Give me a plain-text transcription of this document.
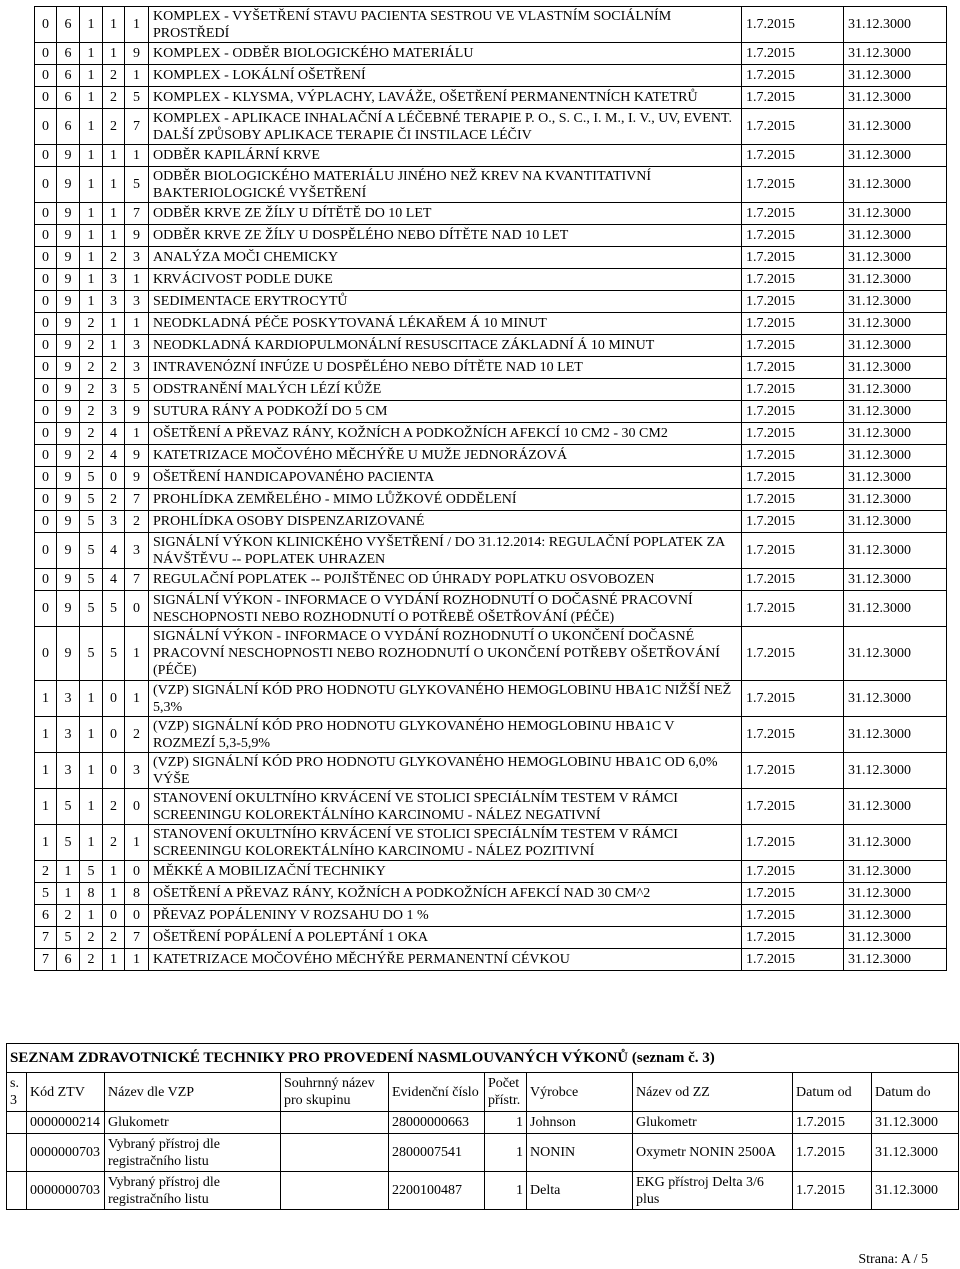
0	6	1	1	1	KOMPLEX - VYŠETŘENÍ STAVU PACIENTA SESTROU VE VLASTNÍM SOCIÁLNÍM PROSTŘEDÍ	1.7.2015	31.12.3000
0	6	1	1	9	KOMPLEX - ODBĚR BIOLOGICKÉHO MATERIÁLU	1.7.2015	31.12.3000
0	6	1	2	1	KOMPLEX - LOKÁLNÍ OŠETŘENÍ	1.7.2015	31.12.3000
0	6	1	2	5	KOMPLEX - KLYSMA, VÝPLACHY, LAVÁŽE, OŠETŘENÍ PERMANENTNÍCH KATETRŮ	1.7.2015	31.12.3000
0	6	1	2	7	KOMPLEX - APLIKACE INHALAČNÍ A LÉČEBNÉ TERAPIE P. O., S. C., I. M., I. V., UV, EVENT. DALŠÍ ZPŮSOBY APLIKACE TERAPIE ČI INSTILACE LÉČIV	1.7.2015	31.12.3000
0	9	1	1	1	ODBĚR KAPILÁRNÍ KRVE	1.7.2015	31.12.3000
0	9	1	1	5	ODBĚR BIOLOGICKÉHO MATERIÁLU JINÉHO NEŽ KREV NA KVANTITATIVNÍ BAKTERIOLOGICKÉ VYŠETŘENÍ	1.7.2015	31.12.3000
0	9	1	1	7	ODBĚR KRVE ZE ŽÍLY U DÍTĚTĚ DO 10 LET	1.7.2015	31.12.3000
0	9	1	1	9	ODBĚR KRVE ZE ŽÍLY U DOSPĚLÉHO NEBO DÍTĚTE NAD 10 LET	1.7.2015	31.12.3000
0	9	1	2	3	ANALÝZA MOČI CHEMICKY	1.7.2015	31.12.3000
0	9	1	3	1	KRVÁCIVOST PODLE DUKE	1.7.2015	31.12.3000
0	9	1	3	3	SEDIMENTACE ERYTROCYTŮ	1.7.2015	31.12.3000
0	9	2	1	1	NEODKLADNÁ PÉČE POSKYTOVANÁ LÉKAŘEM Á 10 MINUT	1.7.2015	31.12.3000
0	9	2	1	3	NEODKLADNÁ KARDIOPULMONÁLNÍ RESUSCITACE ZÁKLADNÍ Á 10 MINUT	1.7.2015	31.12.3000
0	9	2	2	3	INTRAVENÓZNÍ INFÚZE U DOSPĚLÉHO NEBO DÍTĚTE NAD 10 LET	1.7.2015	31.12.3000
0	9	2	3	5	ODSTRANĚNÍ MALÝCH LÉZÍ KŮŽE	1.7.2015	31.12.3000
0	9	2	3	9	SUTURA RÁNY A PODKOŽÍ DO 5 CM	1.7.2015	31.12.3000
0	9	2	4	1	OŠETŘENÍ A PŘEVAZ RÁNY, KOŽNÍCH A PODKOŽNÍCH AFEKCÍ 10 CM2 - 30 CM2	1.7.2015	31.12.3000
0	9	2	4	9	KATETRIZACE MOČOVÉHO MĚCHÝŘE U MUŽE JEDNORÁZOVÁ	1.7.2015	31.12.3000
0	9	5	0	9	OŠETŘENÍ HANDICAPOVANÉHO PACIENTA	1.7.2015	31.12.3000
0	9	5	2	7	PROHLÍDKA ZEMŘELÉHO - MIMO LŮŽKOVÉ ODDĚLENÍ	1.7.2015	31.12.3000
0	9	5	3	2	PROHLÍDKA OSOBY DISPENZARIZOVANÉ	1.7.2015	31.12.3000
0	9	5	4	3	SIGNÁLNÍ VÝKON KLINICKÉHO VYŠETŘENÍ / DO 31.12.2014: REGULAČNÍ POPLATEK ZA NÁVŠTĚVU -- POPLATEK UHRAZEN	1.7.2015	31.12.3000
0	9	5	4	7	REGULAČNÍ POPLATEK -- POJIŠTĚNEC OD ÚHRADY POPLATKU OSVOBOZEN	1.7.2015	31.12.3000
0	9	5	5	0	SIGNÁLNÍ VÝKON - INFORMACE O VYDÁNÍ ROZHODNUTÍ O DOČASNÉ PRACOVNÍ NESCHOPNOSTI NEBO ROZHODNUTÍ O POTŘEBĚ OŠETŘOVÁNÍ (PÉČE)	1.7.2015	31.12.3000
0	9	5	5	1	SIGNÁLNÍ VÝKON - INFORMACE O VYDÁNÍ ROZHODNUTÍ O UKONČENÍ DOČASNÉ PRACOVNÍ NESCHOPNOSTI NEBO ROZHODNUTÍ O UKONČENÍ POTŘEBY OŠETŘOVÁNÍ (PÉČE)	1.7.2015	31.12.3000
1	3	1	0	1	(VZP) SIGNÁLNÍ KÓD PRO HODNOTU GLYKOVANÉHO HEMOGLOBINU HBA1C NIŽŠÍ NEŽ 5,3%	1.7.2015	31.12.3000
1	3	1	0	2	(VZP) SIGNÁLNÍ KÓD PRO HODNOTU GLYKOVANÉHO HEMOGLOBINU HBA1C V ROZMEZÍ 5,3-5,9%	1.7.2015	31.12.3000
1	3	1	0	3	(VZP) SIGNÁLNÍ KÓD PRO HODNOTU GLYKOVANÉHO HEMOGLOBINU HBA1C OD 6,0% VÝŠE	1.7.2015	31.12.3000
1	5	1	2	0	STANOVENÍ OKULTNÍHO KRVÁCENÍ VE STOLICI SPECIÁLNÍM TESTEM V RÁMCI SCREENINGU KOLOREKTÁLNÍHO KARCINOMU - NÁLEZ NEGATIVNÍ	1.7.2015	31.12.3000
1	5	1	2	1	STANOVENÍ OKULTNÍHO KRVÁCENÍ VE STOLICI SPECIÁLNÍM TESTEM V RÁMCI SCREENINGU KOLOREKTÁLNÍHO KARCINOMU - NÁLEZ POZITIVNÍ	1.7.2015	31.12.3000
2	1	5	1	0	MĚKKÉ A MOBILIZAČNÍ TECHNIKY	1.7.2015	31.12.3000
5	1	8	1	8	OŠETŘENÍ A PŘEVAZ RÁNY, KOŽNÍCH A PODKOŽNÍCH AFEKCÍ NAD 30 CM^2	1.7.2015	31.12.3000
6	2	1	0	0	PŘEVAZ POPÁLENINY V ROZSAHU DO 1 %	1.7.2015	31.12.3000
7	5	2	2	7	OŠETŘENÍ POPÁLENÍ A POLEPTÁNÍ 1 OKA	1.7.2015	31.12.3000
7	6	2	1	1	KATETRIZACE MOČOVÉHO MĚCHÝŘE PERMANENTNÍ CÉVKOU	1.7.2015	31.12.3000
SEZNAM ZDRAVOTNICKÉ TECHNIKY PRO PROVEDENÍ NASMLOUVANÝCH VÝKONŮ (seznam č. 3)									
s. 3	Kód ZTV	Název dle VZP	Souhrnný název pro skupinu	Evidenční číslo	Počet přístr.	Výrobce	Název od ZZ	Datum od	Datum do
	0000000214	Glukometr		28000000663	1	Johnson	Glukometr	1.7.2015	31.12.3000
	0000000703	Vybraný přístroj dle registračního listu		2800007541	1	NONIN	Oxymetr NONIN 2500A	1.7.2015	31.12.3000
	0000000703	Vybraný přístroj dle registračního listu		2200100487	1	Delta	EKG přístroj Delta 3/6 plus	1.7.2015	31.12.3000
Strana: A / 5
